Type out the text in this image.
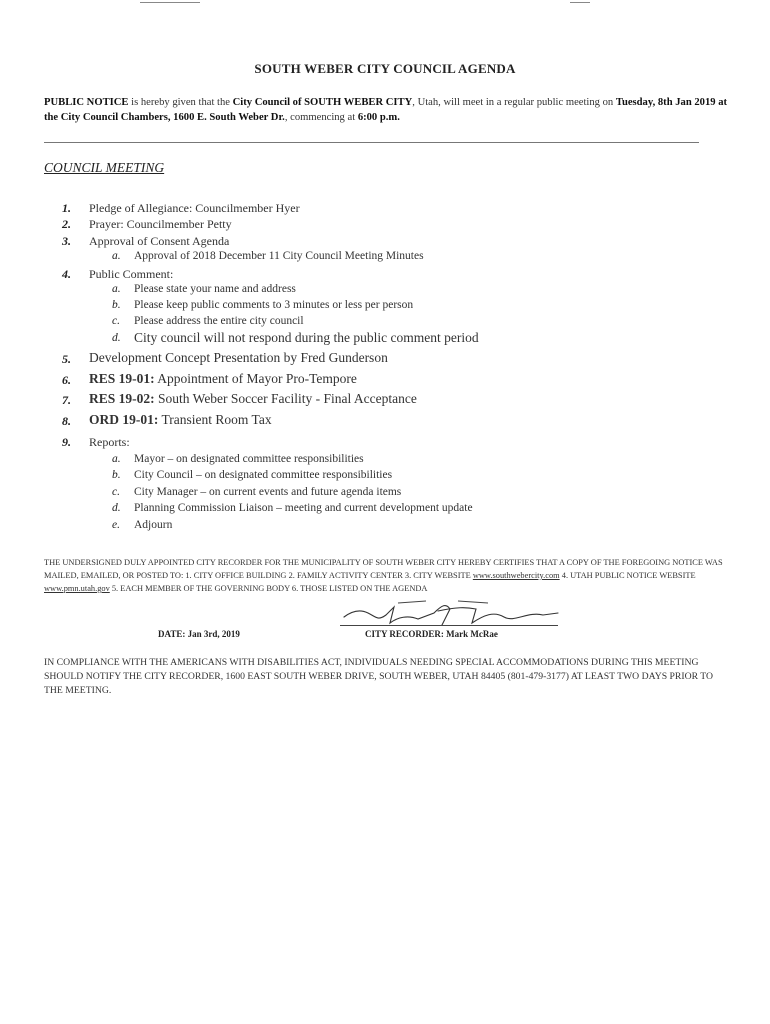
SOUTH WEBER CITY COUNCIL AGENDA
PUBLIC NOTICE is hereby given that the City Council of SOUTH WEBER CITY, Utah, will meet in a regular public meeting on Tuesday, 8th Jan 2019 at the City Council Chambers, 1600 E. South Weber Dr., commencing at 6:00 p.m.
COUNCIL MEETING
1.	Pledge of Allegiance: Councilmember Hyer
2.	Prayer: Councilmember Petty
3.	Approval of Consent Agenda
a.	Approval of 2018 December 11 City Council Meeting Minutes
4.	Public Comment:
a.	Please state your name and address
b.	Please keep public comments to 3 minutes or less per person
c.	Please address the entire city council
d. City council will not respond during the public comment period
5.	Development Concept Presentation by Fred Gunderson
6.	RES 19-01: Appointment of Mayor Pro-Tempore
7.	RES 19-02: South Weber Soccer Facility - Final Acceptance
8.	ORD 19-01: Transient Room Tax
9.	Reports:
a.	Mayor – on designated committee responsibilities
b.	City Council – on designated committee responsibilities
c.	City Manager – on current events and future agenda items
d.	Planning Commission Liaison – meeting and current development update
e.	Adjourn
THE UNDERSIGNED DULY APPOINTED CITY RECORDER FOR THE MUNICIPALITY OF SOUTH WEBER CITY HEREBY CERTIFIES THAT A COPY OF THE FOREGOING NOTICE WAS MAILED, EMAILED, OR POSTED TO: 1. CITY OFFICE BUILDING 2. FAMILY ACTIVITY CENTER 3. CITY WEBSITE www.southwebercity.com 4. UTAH PUBLIC NOTICE WEBSITE www.pmn.utah.gov 5. EACH MEMBER OF THE GOVERNING BODY 6. THOSE LISTED ON THE AGENDA
DATE: Jan 3rd, 2019	CITY RECORDER: Mark McRae
IN COMPLIANCE WITH THE AMERICANS WITH DISABILITIES ACT, INDIVIDUALS NEEDING SPECIAL ACCOMMODATIONS DURING THIS MEETING SHOULD NOTIFY THE CITY RECORDER, 1600 EAST SOUTH WEBER DRIVE, SOUTH WEBER, UTAH 84405 (801-479-3177) AT LEAST TWO DAYS PRIOR TO THE MEETING.
